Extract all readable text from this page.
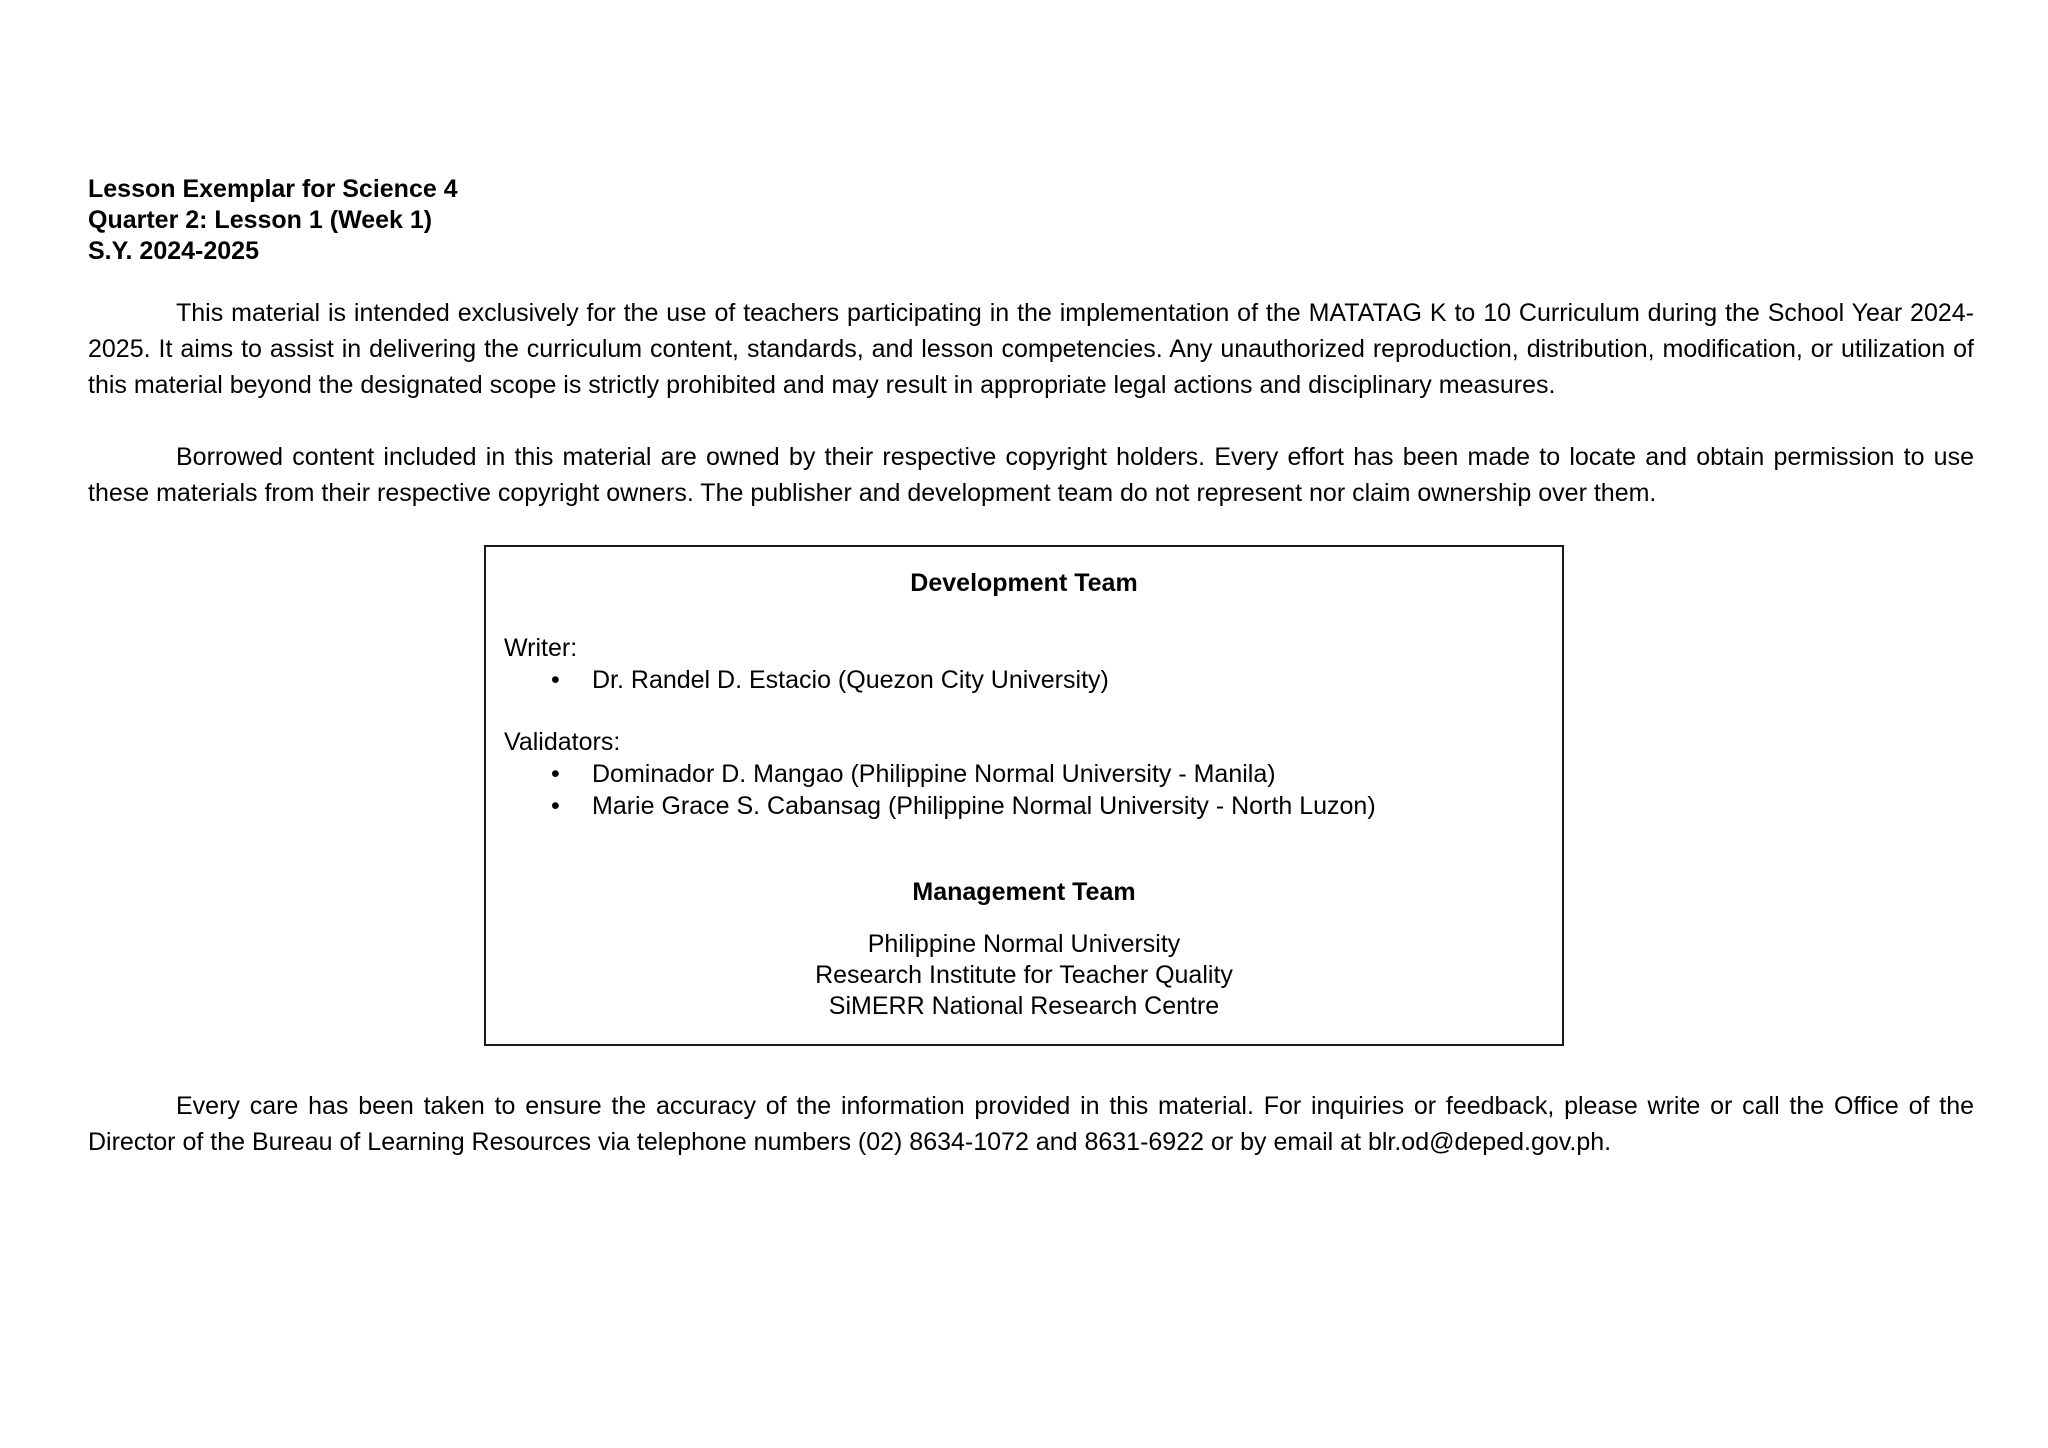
Lesson Exemplar for Science 4
Quarter 2: Lesson 1 (Week 1)
S.Y. 2024-2025

This material is intended exclusively for the use of teachers participating in the implementation of the MATATAG K to 10 Curriculum during the School Year 2024-2025. It aims to assist in delivering the curriculum content, standards, and lesson competencies. Any unauthorized reproduction, distribution, modification, or utilization of this material beyond the designated scope is strictly prohibited and may result in appropriate legal actions and disciplinary measures.

Borrowed content included in this material are owned by their respective copyright holders. Every effort has been made to locate and obtain permission to use these materials from their respective copyright owners. The publisher and development team do not represent nor claim ownership over them.

Development Team
Writer:
• Dr. Randel D. Estacio (Quezon City University)
Validators:
• Dominador D. Mangao (Philippine Normal University - Manila)
• Marie Grace S. Cabansag (Philippine Normal University - North Luzon)
Management Team
Philippine Normal University
Research Institute for Teacher Quality
SiMERR National Research Centre

Every care has been taken to ensure the accuracy of the information provided in this material. For inquiries or feedback, please write or call the Office of the Director of the Bureau of Learning Resources via telephone numbers (02) 8634-1072 and 8631-6922 or by email at blr.od@deped.gov.ph.
